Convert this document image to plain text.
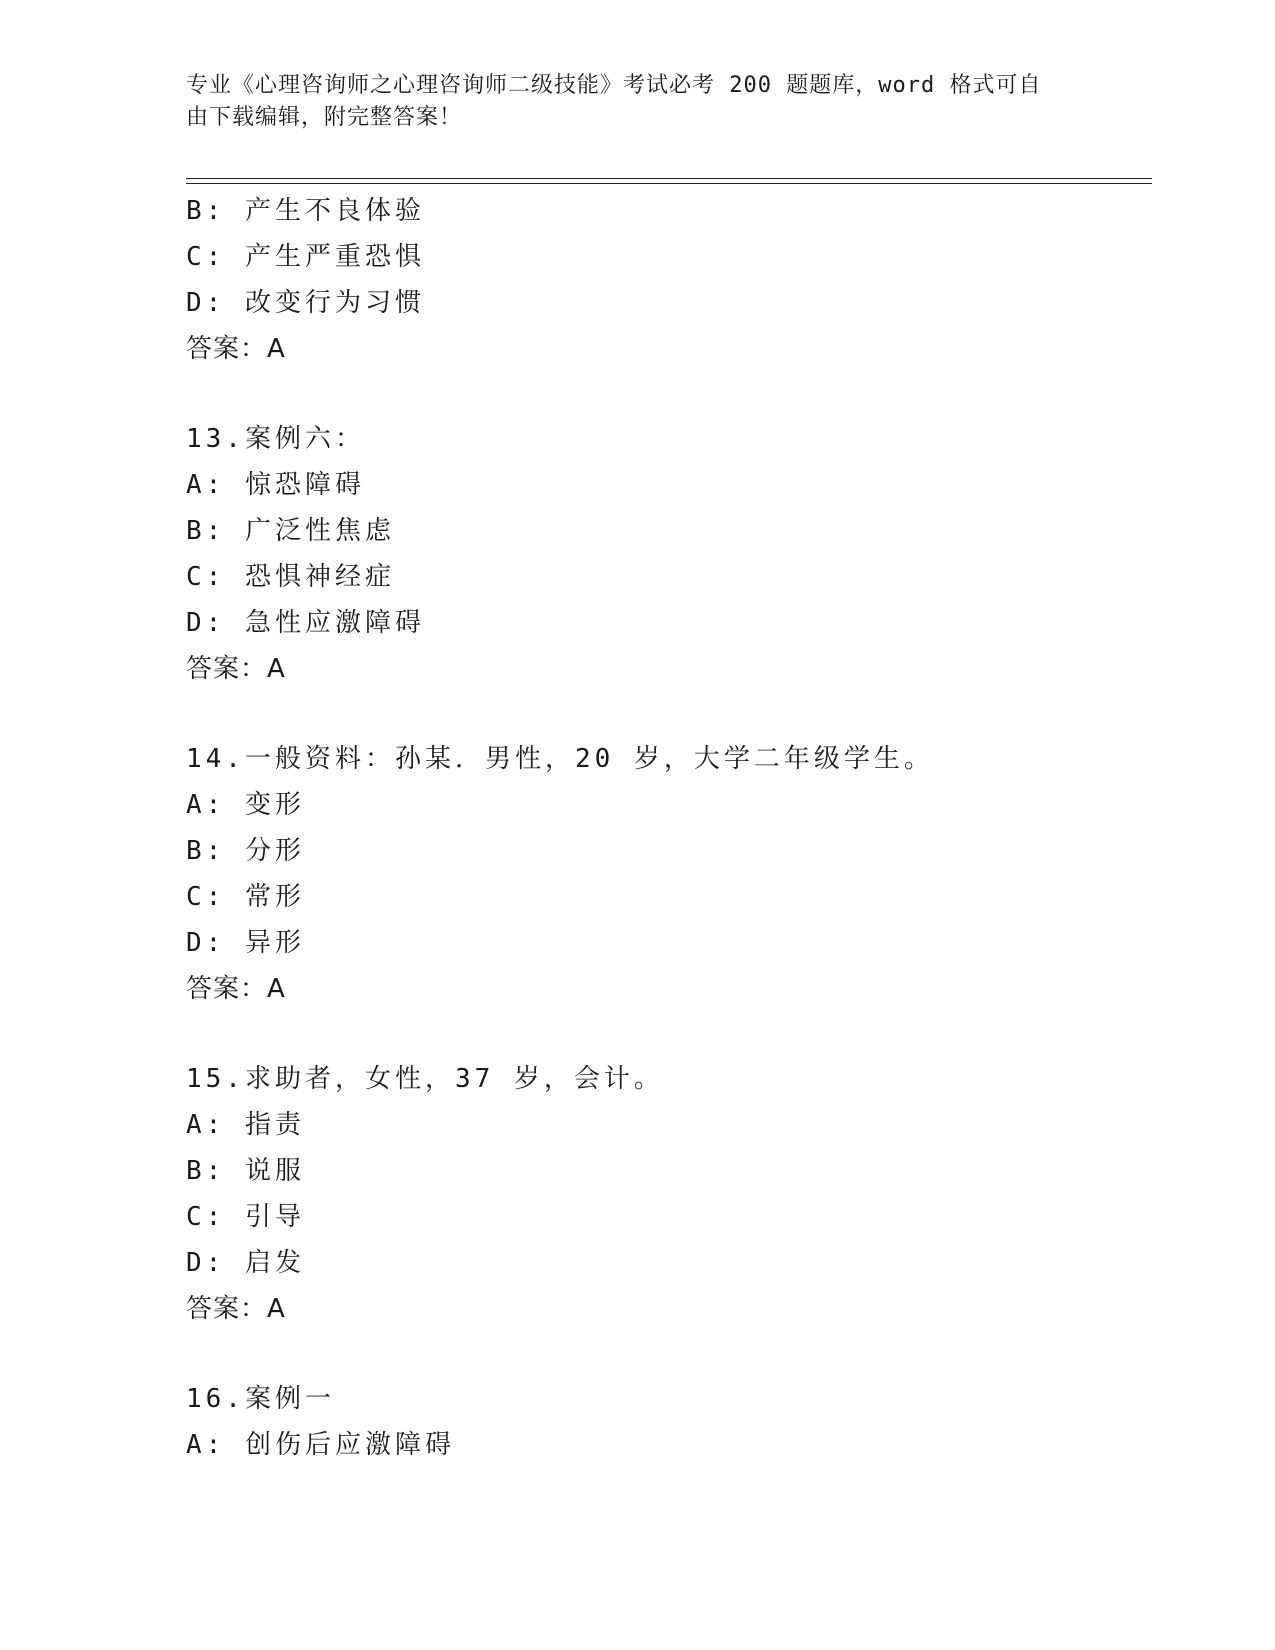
专业《心理咨询师之心理咨询师二级技能》考试必考 200 题题库，word 格式可自
由下载编辑，附完整答案！
B: 产生不良体验
C: 产生严重恐惧
D: 改变行为习惯
答案：A
13.案例六：
A: 惊恐障碍
B: 广泛性焦虑
C: 恐惧神经症
D: 急性应激障碍
答案：A
14.一般资料：孙某．男性，20 岁，大学二年级学生。
A: 变形
B: 分形
C: 常形
D: 异形
答案：A
15.求助者，女性，37 岁，会计。
A: 指责
B: 说服
C: 引导
D: 启发
答案：A
16.案例一
A: 创伤后应激障碍
